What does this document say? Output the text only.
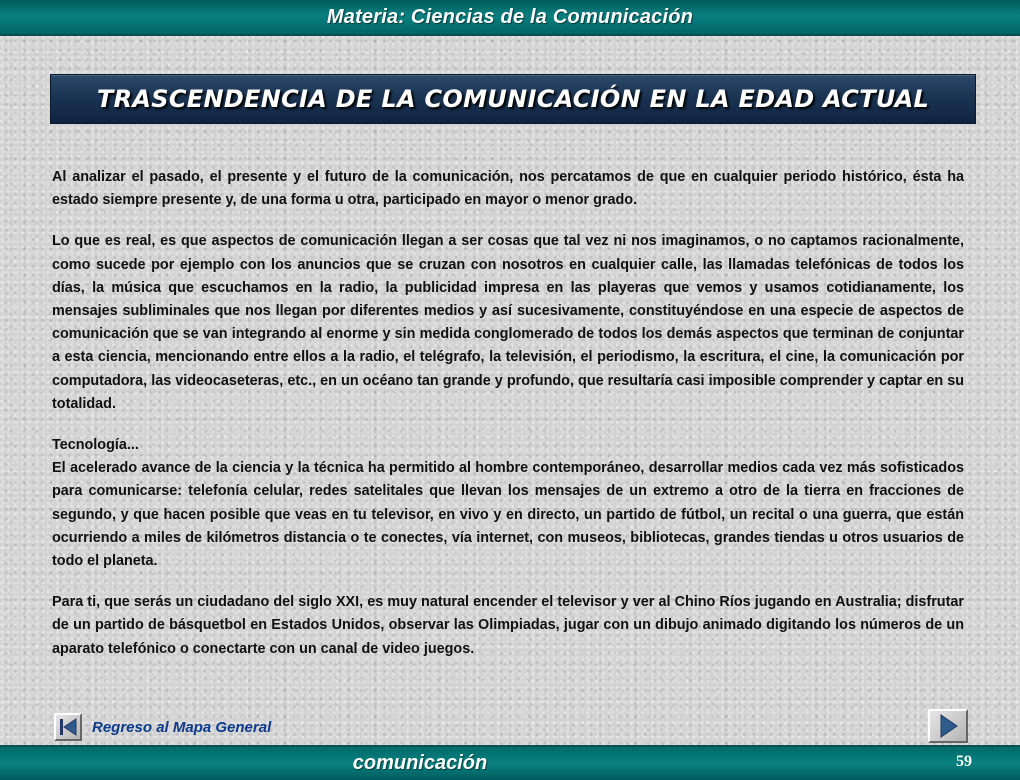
Materia: Ciencias de la Comunicación
TRASCENDENCIA DE LA COMUNICACIÓN EN LA EDAD ACTUAL

Al analizar el pasado, el presente y el futuro de la comunicación, nos percatamos de que en cualquier periodo histórico, ésta ha estado siempre presente y, de una forma u otra, participado en mayor o menor grado.

Lo que es real, es que aspectos de comunicación llegan a ser cosas que tal vez ni nos imaginamos, o no captamos racionalmente, como sucede por ejemplo con los anuncios que se cruzan con nosotros en cualquier calle, las llamadas telefónicas de todos los días, la música que escuchamos en la radio, la publicidad impresa en las playeras que vemos y usamos cotidianamente, los mensajes subliminales que nos llegan por diferentes medios y así sucesivamente, constituyéndose en una especie de aspectos de comunicación que se van integrando al enorme y sin medida conglomerado de todos los demás aspectos que terminan de conjuntar a esta ciencia, mencionando entre ellos a la radio, el telégrafo, la televisión, el periodismo, la escritura, el cine, la comunicación por computadora, las videocaseteras, etc., en un océano tan grande y profundo, que resultaría casi imposible comprender y captar en su totalidad.

Tecnología...

El acelerado avance de la ciencia y la técnica ha permitido al hombre contemporáneo, desarrollar medios cada vez más sofisticados para comunicarse: telefonía celular, redes satelitales que llevan los mensajes de un extremo a otro de la tierra en fracciones de segundo, y que hacen posible que veas en tu televisor, en vivo y en directo, un partido de fútbol, un recital o una guerra, que están ocurriendo a miles de kilómetros distancia o te conectes, vía internet, con museos, bibliotecas, grandes tiendas u otros usuarios de todo el planeta.

Para ti, que serás un ciudadano del siglo XXI, es muy natural encender el televisor y ver al Chino Ríos jugando en Australia; disfrutar de un partido de básquetbol en Estados Unidos, observar las Olimpiadas, jugar con un dibujo animado digitando los números de un aparato telefónico o conectarte con un canal de video juegos.

Regreso al Mapa General
comunicación	59
